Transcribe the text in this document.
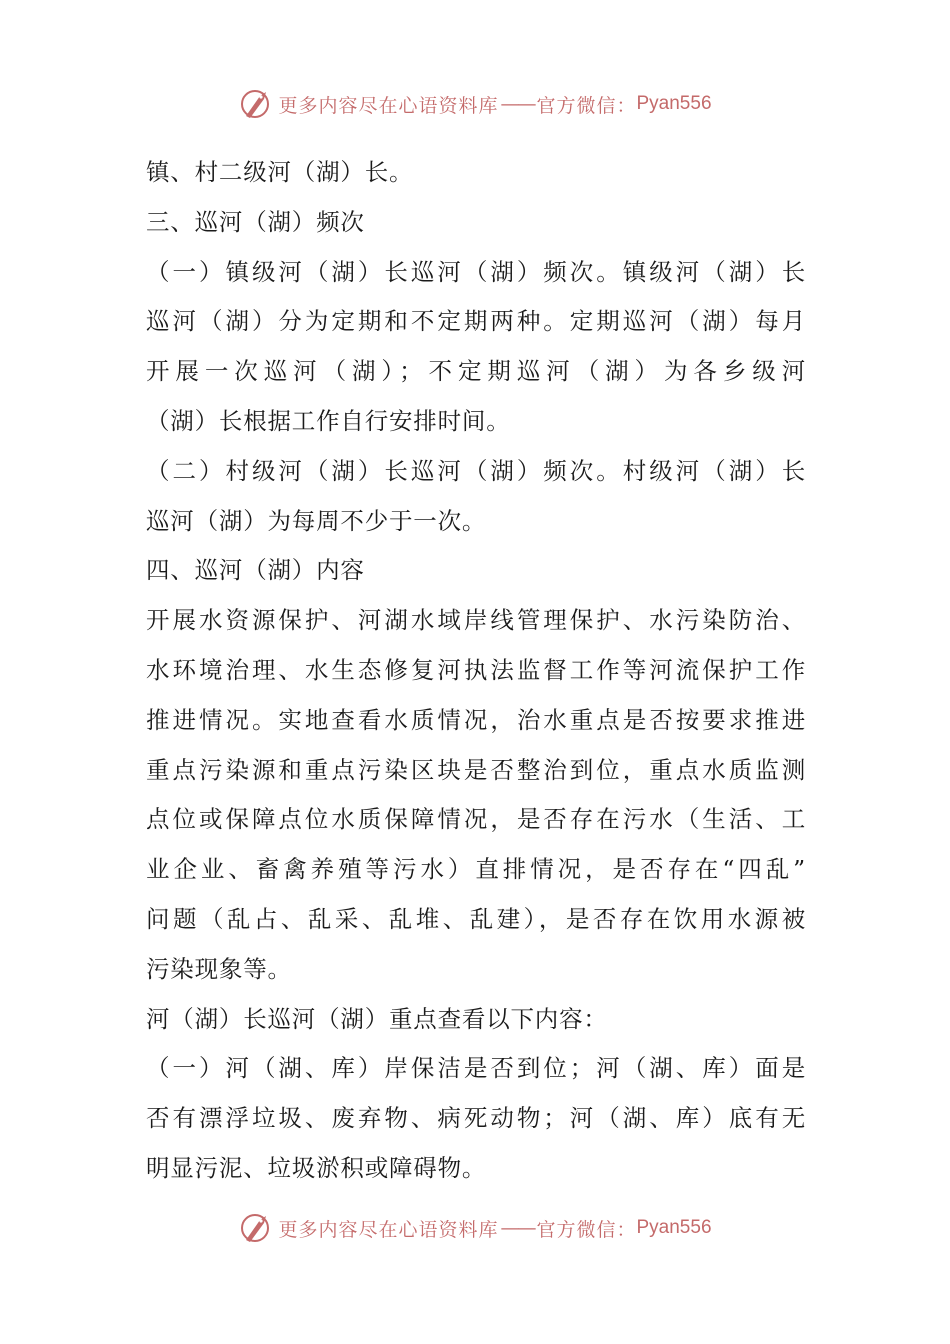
更多内容尽在心语资料库 —— 官方微信： Pyan556
镇、村二级河（湖）长。
三、巡河（湖）频次
（一）镇级河（湖）长巡河（湖）频次。镇级河（湖）长
巡河（湖）分为定期和不定期两种。定期巡河（湖）每月
开展一次巡河（湖）；不定期巡河（湖）为各乡级河
（湖）长根据工作自行安排时间。
（二）村级河（湖）长巡河（湖）频次。村级河（湖）长
巡河（湖）为每周不少于一次。
四、巡河（湖）内容
开展水资源保护、河湖水域岸线管理保护、水污染防治、
水环境治理、水生态修复河执法监督工作等河流保护工作
推进情况。实地查看水质情况，治水重点是否按要求推进
重点污染源和重点污染区块是否整治到位，重点水质监测
点位或保障点位水质保障情况，是否存在污水（生活、工
业企业、畜禽养殖等污水）直排情况，是否存在“四乱”
问题（乱占、乱采、乱堆、乱建），是否存在饮用水源被
污染现象等。
河（湖）长巡河（湖）重点查看以下内容：
（一）河（湖、库）岸保洁是否到位；河（湖、库）面是
否有漂浮垃圾、废弃物、病死动物；河（湖、库）底有无
明显污泥、垃圾淤积或障碍物。
更多内容尽在心语资料库 —— 官方微信： Pyan556
